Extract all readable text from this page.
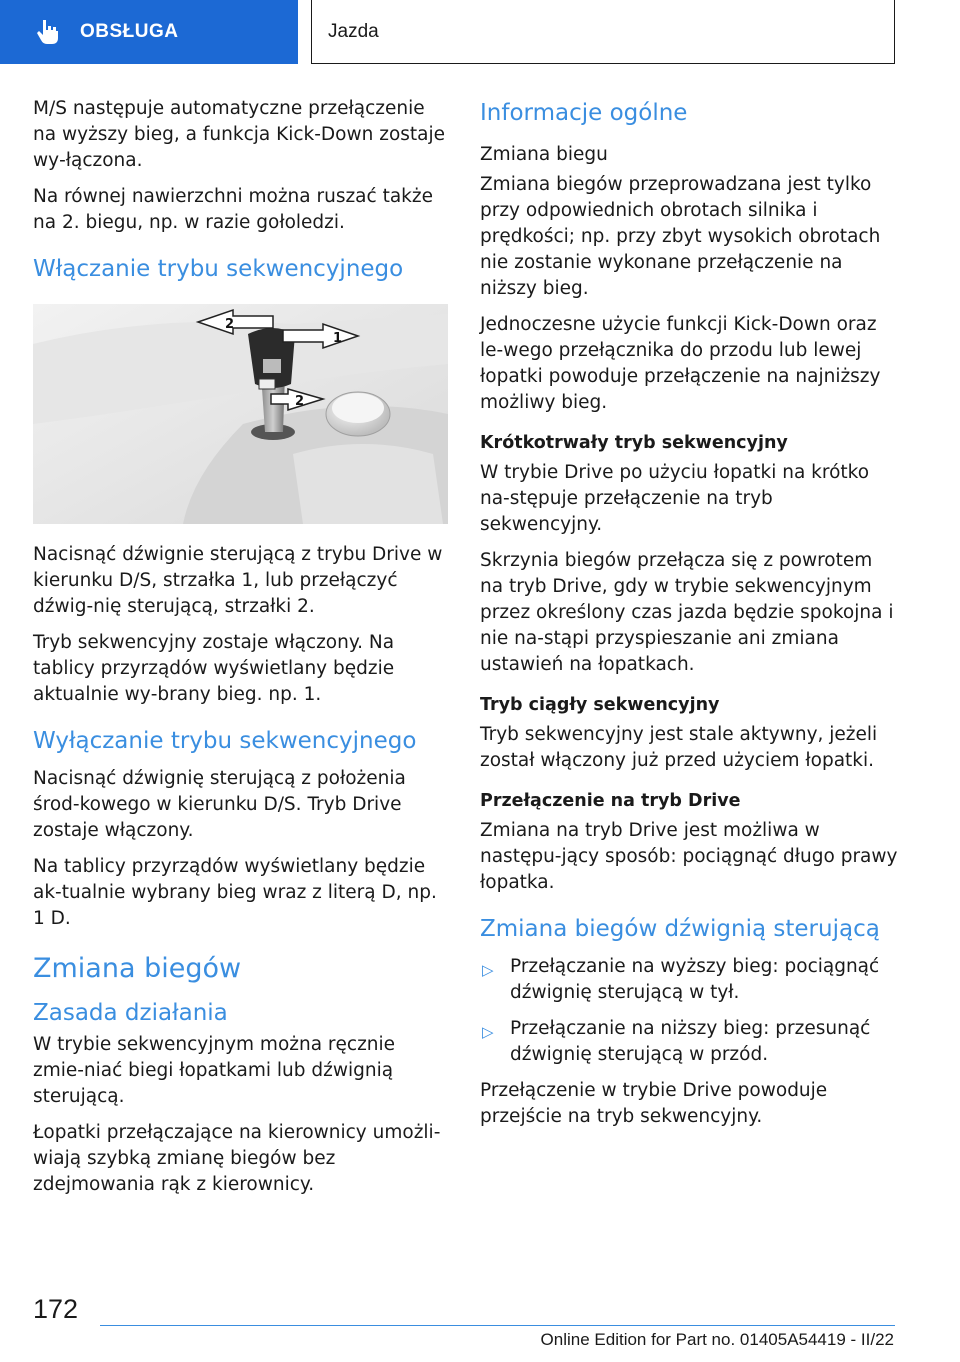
OBSŁUGA	Jazda

M/S następuje automatyczne przełączenie na wyższy bieg, a funkcja Kick-Down zostaje wy‐łączona.

Na równej nawierzchni można ruszać także na 2. biegu, np. w razie gołoledzi.

Włączanie trybu sekwencyjnego
2
1
2

Nacisnąć dźwignie sterującą z trybu Drive w kierunku D/S, strzałka 1, lub przełączyć dźwig‐nię sterującą, strzałki 2.

Tryb sekwencyjny zostaje włączony. Na tablicy przyrządów wyświetlany będzie aktualnie wy‐brany bieg. np. 1.

Wyłączanie trybu sekwencyjnego

Nacisnąć dźwignię sterującą z położenia środ‐kowego w kierunku D/S. Tryb Drive zostaje włączony.

Na tablicy przyrządów wyświetlany będzie ak‐tualnie wybrany bieg wraz z literą D, np. 1 D.

Zmiana biegów
Zasada działania

W trybie sekwencyjnym można ręcznie zmie‐niać biegi łopatkami lub dźwignią sterującą.

Łopatki przełączające na kierownicy umożli‐wiają szybką zmianę biegów bez zdejmowania rąk z kierownicy.

Informacje ogólne
Zmiana biegu

Zmiana biegów przeprowadzana jest tylko przy odpowiednich obrotach silnika i prędkości; np. przy zbyt wysokich obrotach nie zostanie wykonane przełączenie na niższy bieg.

Jednoczesne użycie funkcji Kick-Down oraz le‐wego przełącznika do przodu lub lewej łopatki powoduje przełączenie na najniższy możliwy bieg.

Krótkotrwały tryb sekwencyjny

W trybie Drive po użyciu łopatki na krótko na‐stępuje przełączenie na tryb sekwencyjny.

Skrzynia biegów przełącza się z powrotem na tryb Drive, gdy w trybie sekwencyjnym przez określony czas jazda będzie spokojna i nie na‐stąpi przyspieszanie ani zmiana ustawień na łopatkach.

Tryb ciągły sekwencyjny

Tryb sekwencyjny jest stale aktywny, jeżeli został włączony już przed użyciem łopatki.

Przełączenie na tryb Drive

Zmiana na tryb Drive jest możliwa w następu‐jący sposób: pociągnąć długo prawy łopatka.

Zmiana biegów dźwignią sterującą
▷ Przełączanie na wyższy bieg: pociągnąć dźwignię sterującą w tył.
▷ Przełączanie na niższy bieg: przesunąć dźwignię sterującą w przód.

Przełączenie w trybie Drive powoduje przejście na tryb sekwencyjny.

172
Online Edition for Part no. 01405A54419 - II/22
